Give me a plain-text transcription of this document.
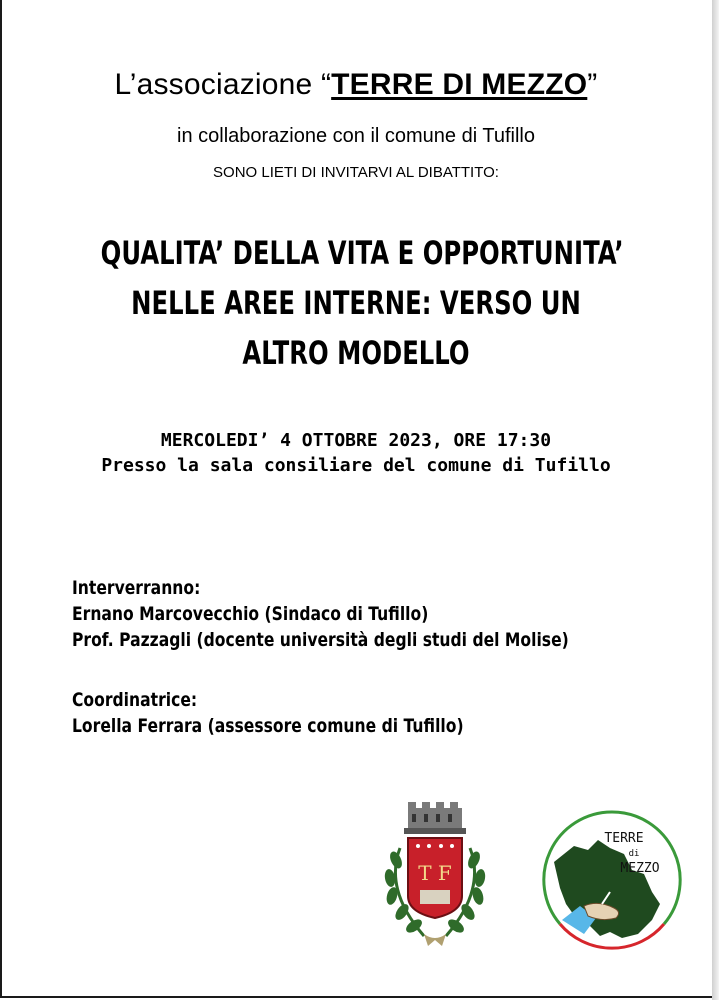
L’associazione “TERRE DI MEZZO”
in collaborazione con il comune di Tufillo
SONO LIETI DI INVITARVI AL DIBATTITO:
QUALITA’ DELLA VITA E OPPORTUNITA’
NELLE AREE INTERNE: VERSO UN
ALTRO MODELLO
MERCOLEDI’ 4 OTTOBRE 2023, ORE 17:30
Presso la sala consiliare del comune di Tufillo
Interverranno:
Ernano Marcovecchio (Sindaco di Tufillo)
Prof. Pazzagli (docente università degli studi del Molise)
Coordinatrice:
Lorella Ferrara (assessore comune di Tufillo)
T F
TERRE
di
MEZZO
